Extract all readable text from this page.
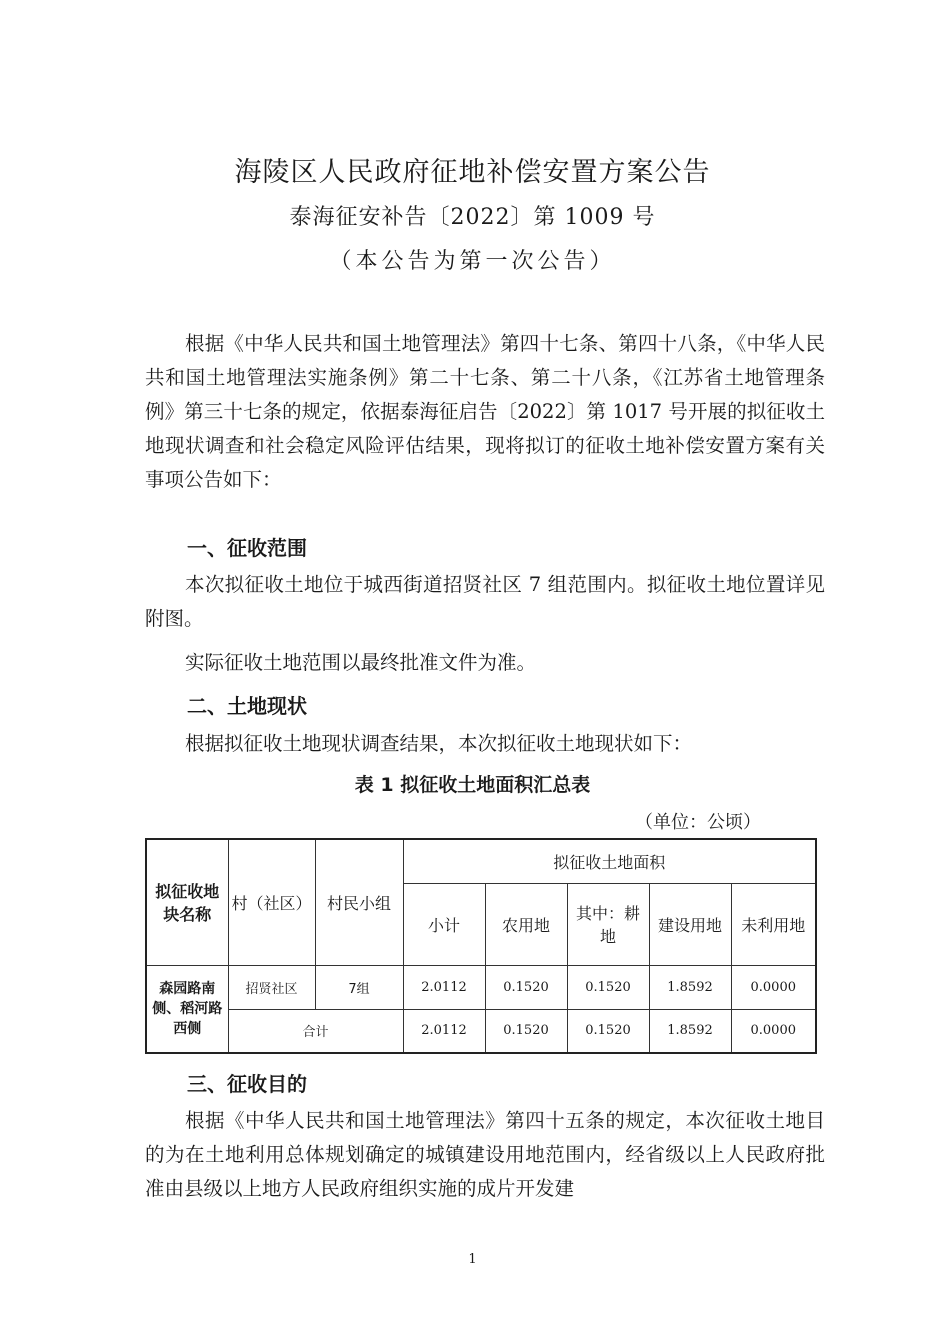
海陵区人民政府征地补偿安置方案公告
泰海征安补告〔2022〕第 1009 号
（本公告为第一次公告）

根据《中华人民共和国土地管理法》第四十七条、第四十八条，《中华人民共和国土地管理法实施条例》第二十七条、第二十八条，《江苏省土地管理条例》第三十七条的规定，依据泰海征启告〔2022〕第 1017 号开展的拟征收土地现状调查和社会稳定风险评估结果，现将拟订的征收土地补偿安置方案有关事项公告如下：

一、征收范围

本次拟征收土地位于城西街道招贤社区 7 组范围内。拟征收土地位置详见附图。

实际征收土地范围以最终批准文件为准。

二、土地现状

根据拟征收土地现状调查结果，本次拟征收土地现状如下：

表 1 拟征收土地面积汇总表
（单位：公顷）
拟征收地块名称	村（社区）	村民小组	拟征收土地面积				
			小计	农用地	其中：耕地	建设用地	未利用地
森园路南侧、稻河路西侧	招贤社区	7组	2.0112	0.1520	0.1520	1.8592	0.0000
	合计		2.0112	0.1520	0.1520	1.8592	0.0000
三、征收目的

根据《中华人民共和国土地管理法》第四十五条的规定，本次征收土地目的为在土地利用总体规划确定的城镇建设用地范围内，经省级以上人民政府批准由县级以上地方人民政府组织实施的成片开发建

1
